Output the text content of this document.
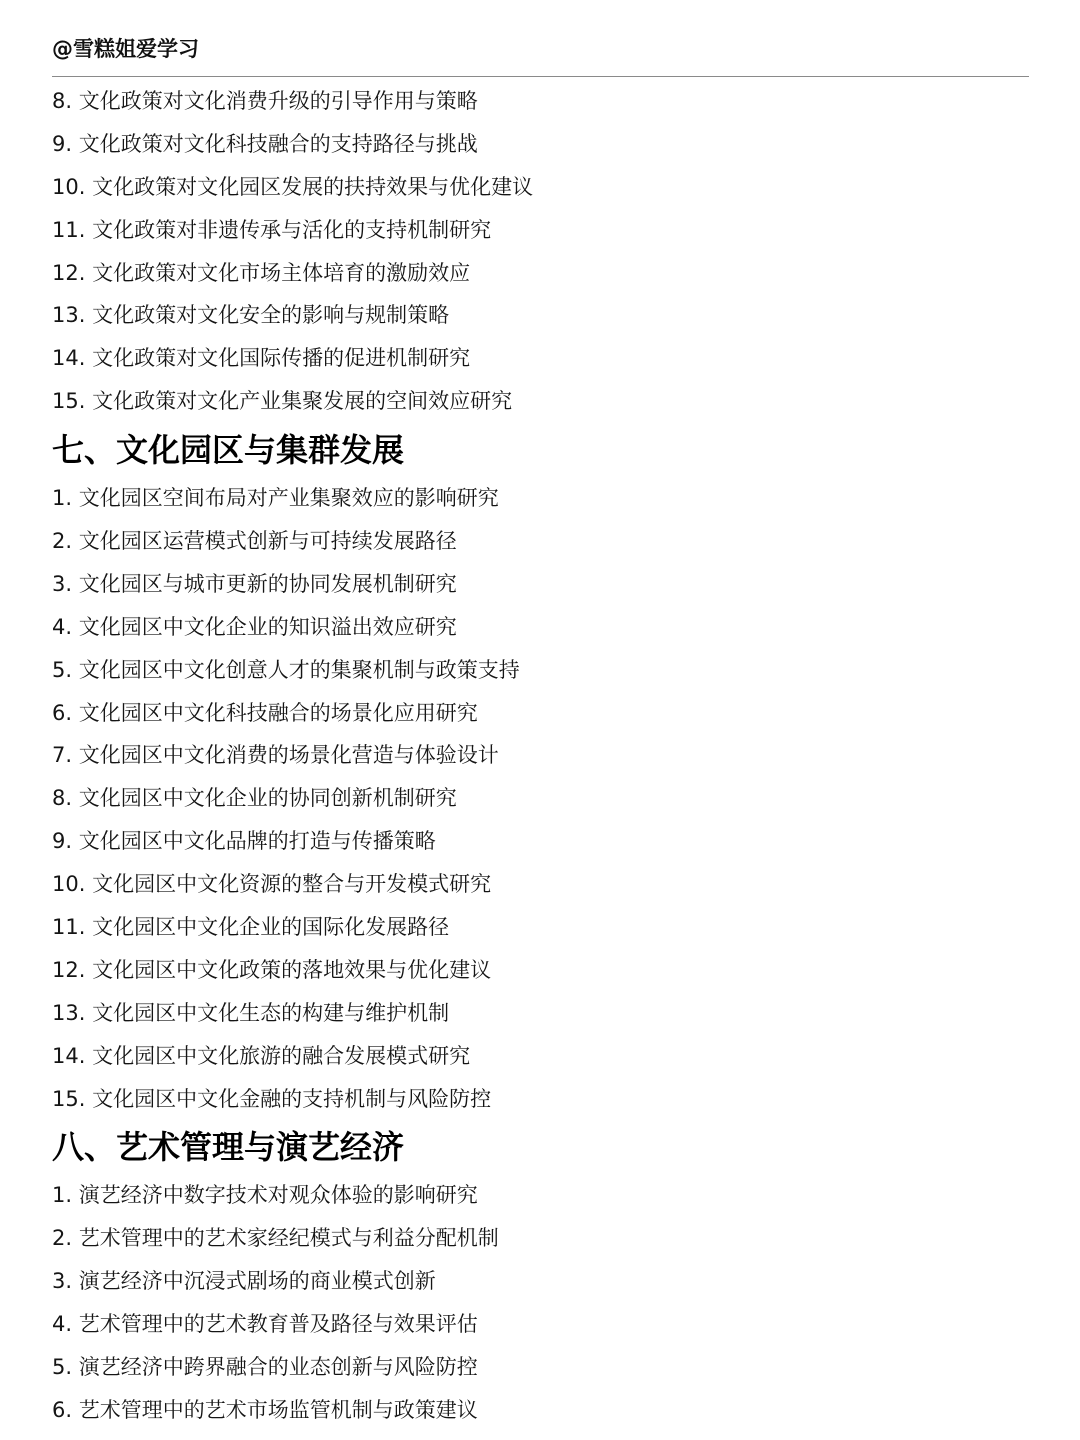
@雪糕姐爱学习
8. 文化政策对文化消费升级的引导作用与策略
9. 文化政策对文化科技融合的支持路径与挑战
10. 文化政策对文化园区发展的扶持效果与优化建议
11. 文化政策对非遗传承与活化的支持机制研究
12. 文化政策对文化市场主体培育的激励效应
13. 文化政策对文化安全的影响与规制策略
14. 文化政策对文化国际传播的促进机制研究
15. 文化政策对文化产业集聚发展的空间效应研究
七、文化园区与集群发展
1. 文化园区空间布局对产业集聚效应的影响研究
2. 文化园区运营模式创新与可持续发展路径
3. 文化园区与城市更新的协同发展机制研究
4. 文化园区中文化企业的知识溢出效应研究
5. 文化园区中文化创意人才的集聚机制与政策支持
6. 文化园区中文化科技融合的场景化应用研究
7. 文化园区中文化消费的场景化营造与体验设计
8. 文化园区中文化企业的协同创新机制研究
9. 文化园区中文化品牌的打造与传播策略
10. 文化园区中文化资源的整合与开发模式研究
11. 文化园区中文化企业的国际化发展路径
12. 文化园区中文化政策的落地效果与优化建议
13. 文化园区中文化生态的构建与维护机制
14. 文化园区中文化旅游的融合发展模式研究
15. 文化园区中文化金融的支持机制与风险防控
八、艺术管理与演艺经济
1. 演艺经济中数字技术对观众体验的影响研究
2. 艺术管理中的艺术家经纪模式与利益分配机制
3. 演艺经济中沉浸式剧场的商业模式创新
4. 艺术管理中的艺术教育普及路径与效果评估
5. 演艺经济中跨界融合的业态创新与风险防控
6. 艺术管理中的艺术市场监管机制与政策建议
